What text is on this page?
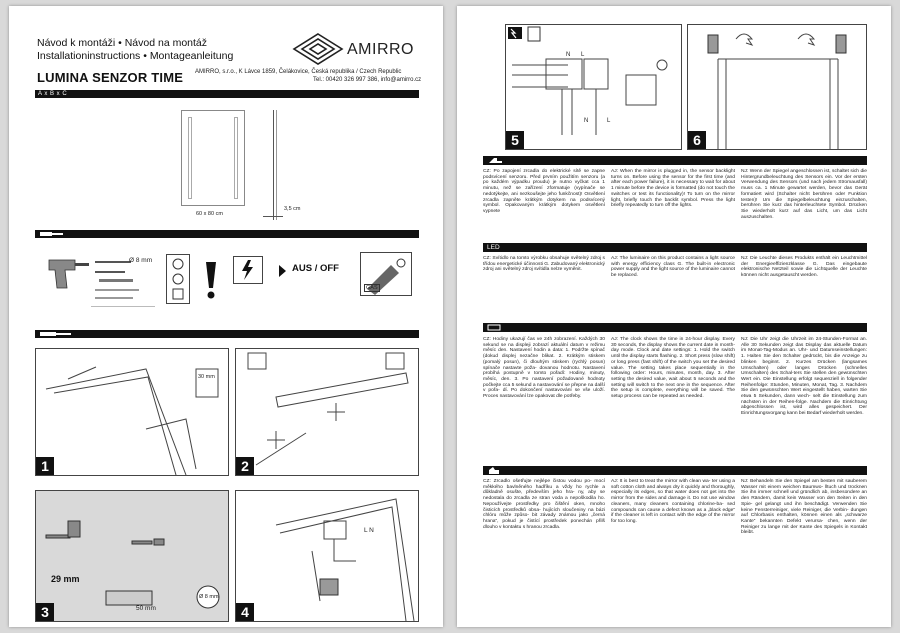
Návod k montáži • Návod na montáž
Installationinstructions • Montageanleitung
LUMINA SENZOR TIME
AMIRRO
AMIRRO, s.r.o., K Lávce 1859, Čelákovice, Česká republika / Czech Republic
Tel.: 00420 326 997 386, info@amirro.cz
A x B x C
60 x 80 cm
3,5 cm
Ø 8 mm
AUS / OFF
GAS
30 mm
1	2
29 mm
50 mm
Ø 8 mm
3
L N
4
N L
N	L
5	6
CZ: Po zapojení zrcadla do elektrické sítě se zapne podsvícení senzoru. Před prvním použitím senzoru (a po každém výpadku proudu) je nutno vyčkat cca 1 minutu, než se zařízení zformatuje (vypínače se nedotýkejte, ani nezkoušejte jeho funkčnost)! Osvětlení zrcadla zapněte krátkým dotykem na podsvícený symbol. Opakovaným krátkým dotykem osvětlení vypnete
AJ: When the mirror is plugged in, the sensor backlight turns on. Before using the sensor for the first time (and after each power failure), it is necessary to wait for about 1 minute before the device is formatted (do not touch the switches or test its functionality)! To turn on the mirror light, briefly touch the backlit symbol. Press the light briefly repeatedly to turn off the lights.
NJ: Wenn der Spiegel angeschlossen ist, schaltet sich die Hintergrundbeleuchtung des Sensors ein. Vor der ersten Verwendung des Sensors (und nach jedem Stromausfall) muss ca. 1 Minute gewartet werden, bevor das Gerät formatiert wird (Schalter nicht berühren oder Funktion testen)! Um die Spiegelbeleuchtung einzuschalten, berühren Sie kurz das hinterleuchtete Symbol. Drücken Sie wiederholt kurz auf das Licht, um das Licht auszuschalten.
LED
CZ: Svítidlo na tomto výrobku obsahuje světelný zdroj s třídou energetické účinnosti G. Zabudovaný elektronický zdroj ani světelný zdroj svítidla nelze vyměnit.
AJ: The luminaire on this product contains a light source with energy efficiency class G. The built-in electronic power supply and the light source of the luminaire cannot be replaced.
NJ: Die Leuchte dieses Produkts enthält ein Leuchtmittel der Energieeffizienzklasse G. Das eingebaute elektronische Netzteil sowie die Lichtquelle der Leuchte können nicht ausgetauscht werden.
CZ: Hodiny ukazují čas ve 24h zobrazení. Každých 30 sekund se na displeji zobrazí aktuální datum v režimu měsíc den. Nastavení hodin a data: 1. Podržte spínač (dokud displej nezačne blikat. 2. Krátkým stiskem (pomalý posun), či dlouhým stiskem (rychlý posun) spínače nastavte poža- dovanou hodnotu. Nastavení probíhá postupně v tomto pořadí: Hodiny, minuty, měsíc, den. 3. Po nastavení požadované hodnoty počkejte cca 5 sekund a nastavování se přepne na další v pořa- dí. Po dokončení nastavování se vše uloží. Proces nastavování lze opakovat dle potřeby.
AJ: The clock shows the time in 24-hour display. Every 30 seconds, the display shows the current date in month-day mode. Clock and date settings: 1. Hold the switch until the display starts flashing. 2. Short press (slow shift) or long press (fast shift) of the switch you set the desired value. The setting takes place sequentially in the following order: Hours, minutes, month, day. 3. After setting the desired value, wait about 5 seconds and the setting will switch to the next one in the sequence. After the setup is complete, everything will be saved. The setup process can be repeated as needed.
NJ: Die Uhr zeigt die Uhrzeit im 24-Stunden-Format an. Alle 30 Sekunden zeigt das Display das aktuelle Datum im Monat-Tag-Modus an. Uhr- und Datumseinstellungen: 1. Halten Sie den Schalter gedrückt, bis die Anzeige zu blinken beginnt. 2. Kurzes Drücken (langsames Umschalten) oder langes Drücken (schnelles Umschalten) des Schal-ters Sie stellen den gewünschten Wert ein. Die Einstellung erfolgt sequenziell in folgender Reihenfolge: Stunden, Minuten, Monat, Tag. 3. Nachdem Sie den gewünschten Wert eingestellt haben, warten Sie etwa 5 Sekunden, dann wech- selt die Einstellung zum nächsten in der Reihen-folge. Nachdem die Einrichtung abgeschlossen ist, wird alles gespeichert. Der Einrichtungsvorgang kann bei Bedarf wiederholt werden.
CZ: Zrcadlo ošetřujte nejlépe čistou vodou po- mocí měkkého bavlněného hadříku a vždy ho rychle a důkladně osušte, především jeho hra- ny, aby se nedostala do zrcadla ze stran voda a nepoškodila ho. Nepoužívejte prostředky pro čištění oken, mnoho čisticích prostředků obsa- hujících sloučeniny na bázi chlóru může způso- bit závady známou jako „černá hrana“, pokud je čistící prostředek ponechán přilš dlouho v kontaktu s hranou zrcadla.
AJ: It is best to treat the mirror with clean wa- ter using a soft cotton cloth and always dry it quickly and thoroughly, especially its edges, so that water does not get into the mirror from the sides and damage it. Do not use window cleaners, many cleaners containing chlorine-ba- sed compounds can cause a defect known as a „black edge“ if the cleaner is left in contact with the edge of the mirror for too long.
NJ: Behandeln Sie den Spiegel am besten mit sauberem Wasser mit einem weichen Baumwo- lltuch und trocknen Sie ihn immer schnell und gründlich ab, insbesondere an den Rändern, damit kein Wasser von den Seiten in den Spie- gel gelangt und ihn beschädigt. Verwenden Sie keine Fensterreiniger, viele Reiniger, die Verbin- dungen auf Chlorbasis enthalten, können einen als „schwarze Kante“ bekannten Defekt verursa- chen, wenn der Reiniger zu lange mit der Kante des Spiegels in Kontakt bleibt.
